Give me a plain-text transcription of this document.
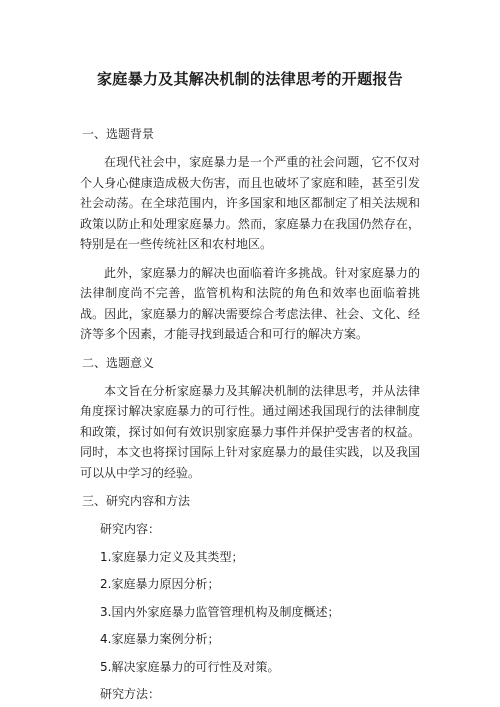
家庭暴力及其解决机制的法律思考的开题报告
一、选题背景
在现代社会中，家庭暴力是一个严重的社会问题，它不仅对个人身心健康造成极大伤害，而且也破坏了家庭和睦，甚至引发社会动荡。在全球范围内，许多国家和地区都制定了相关法规和政策以防止和处理家庭暴力。然而，家庭暴力在我国仍然存在，特别是在一些传统社区和农村地区。
此外，家庭暴力的解决也面临着许多挑战。针对家庭暴力的法律制度尚不完善，监管机构和法院的角色和效率也面临着挑战。因此，家庭暴力的解决需要综合考虑法律、社会、文化、经济等多个因素，才能寻找到最适合和可行的解决方案。
二、选题意义
本文旨在分析家庭暴力及其解决机制的法律思考，并从法律角度探讨解决家庭暴力的可行性。通过阐述我国现行的法律制度和政策，探讨如何有效识别家庭暴力事件并保护受害者的权益。同时，本文也将探讨国际上针对家庭暴力的最佳实践，以及我国可以从中学习的经验。
三、研究内容和方法
研究内容：
1.家庭暴力定义及其类型；
2.家庭暴力原因分析；
3.国内外家庭暴力监管管理机构及制度概述；
4.家庭暴力案例分析；
5.解决家庭暴力的可行性及对策。
研究方法：
